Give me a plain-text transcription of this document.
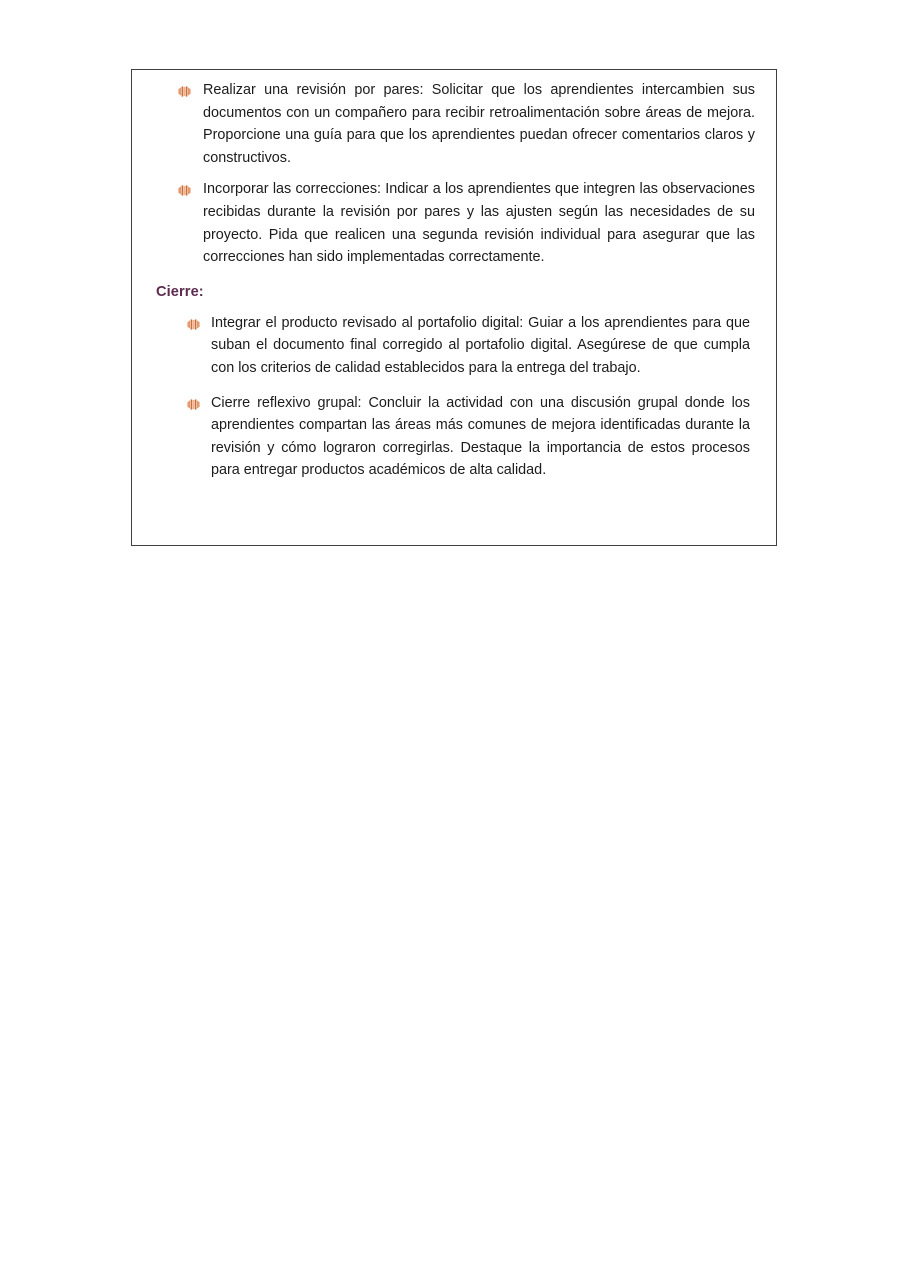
Realizar una revisión por pares: Solicitar que los aprendientes intercambien sus documentos con un compañero para recibir retroalimentación sobre áreas de mejora. Proporcione una guía para que los aprendientes puedan ofrecer comentarios claros y constructivos.
Incorporar las correcciones: Indicar a los aprendientes que integren las observaciones recibidas durante la revisión por pares y las ajusten según las necesidades de su proyecto. Pida que realicen una segunda revisión individual para asegurar que las correcciones han sido implementadas correctamente.
Cierre:
Integrar el producto revisado al portafolio digital: Guiar a los aprendientes para que suban el documento final corregido al portafolio digital. Asegúrese de que cumpla con los criterios de calidad establecidos para la entrega del trabajo.
Cierre reflexivo grupal: Concluir la actividad con una discusión grupal donde los aprendientes compartan las áreas más comunes de mejora identificadas durante la revisión y cómo lograron corregirlas. Destaque la importancia de estos procesos para entregar productos académicos de alta calidad.
